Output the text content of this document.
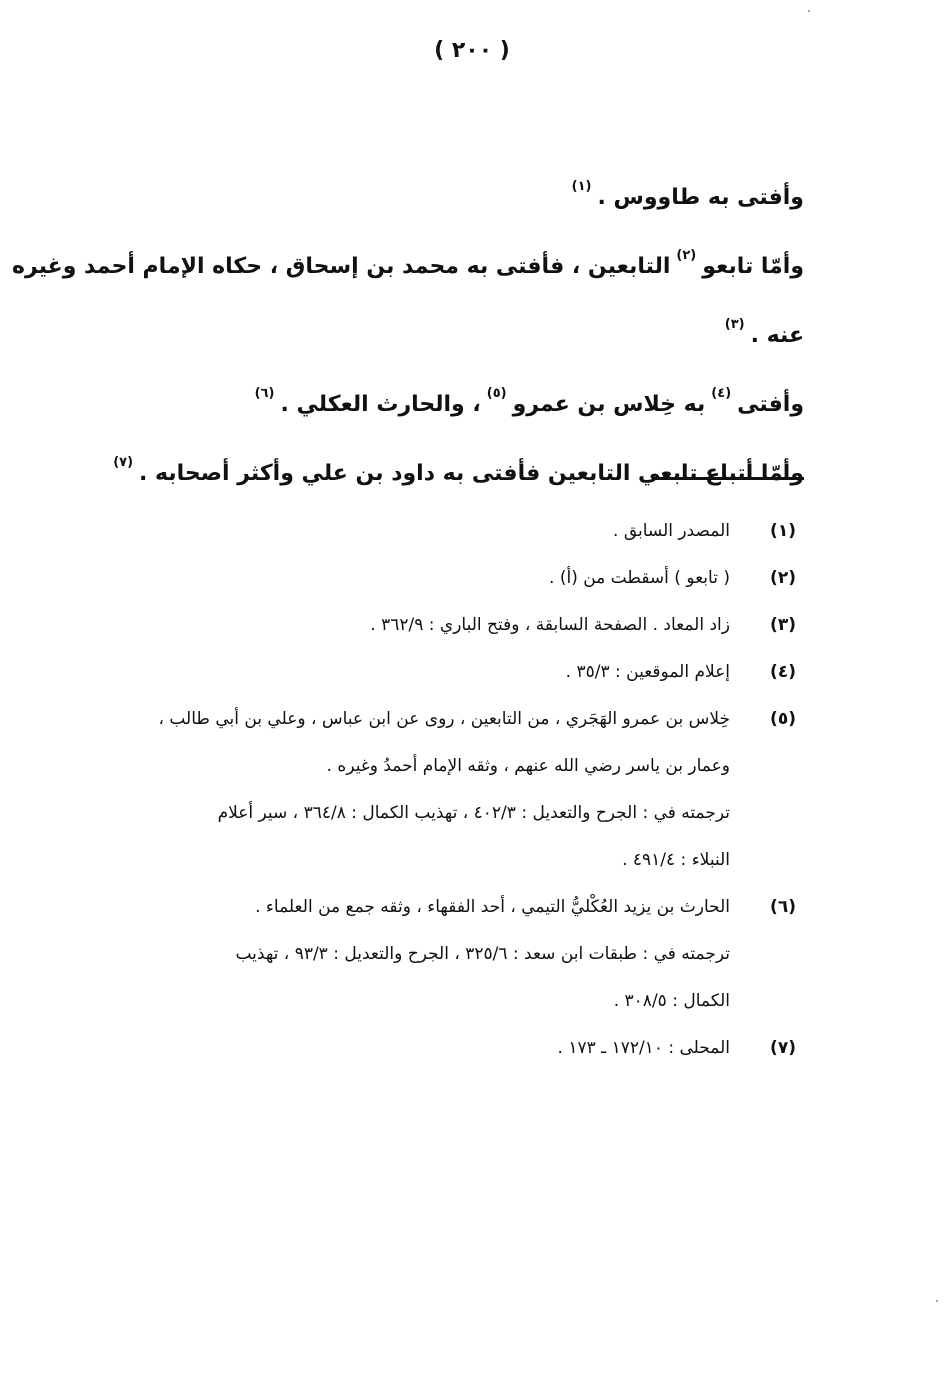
( ٢٠٠ )
وأفتى به طاووس .$^{(١)}$
وأمّا تابعو$^{(٢)}$التابعين ، فأفتى به محمد بن إسحاق ، حكاه الإمام أحمد وغيره
عنه .$^{(٣)}$
وأفتى$^{(٤)}$به خِلاس بن عمرو$^{(٥)}$، والحارث العكلي .$^{(٦)}$
وأمّا أتباع تابعي التابعين فأفتى به داود بن علي وأكثر أصحابه .$^{(٧)}$
(١)
المصدر السابق .
(٢)
( تابعو ) أسقطت من (أ) .
(٣)
زاد المعاد . الصفحة السابقة ، وفتح الباري : ٣٦٢/٩ .
(٤)
إعلام الموقعين : ٣٥/٣ .
(٥)
خِلاس بن عمرو الهَجَري ، من التابعين ، روى عن ابن عباس ، وعلي بن أبي طالب ،
وعمار بن ياسر رضي الله عنهم ، وثقه الإمام أحمدُ وغيره .
ترجمته في : الجرح والتعديل : ٤٠٢/٣ ، تهذيب الكمال : ٣٦٤/٨ ، سير أعلام
النبلاء : ٤٩١/٤ .
(٦)
الحارث بن يزيد العُكْليُّ التيمي ، أحد الفقهاء ، وثقه جمع من العلماء .
ترجمته في : طبقات ابن سعد : ٣٢٥/٦ ، الجرح والتعديل : ٩٣/٣ ، تهذيب
الكمال : ٣٠٨/٥ .
(٧)
المحلى : ١٧٢/١٠ ـ ١٧٣ .
